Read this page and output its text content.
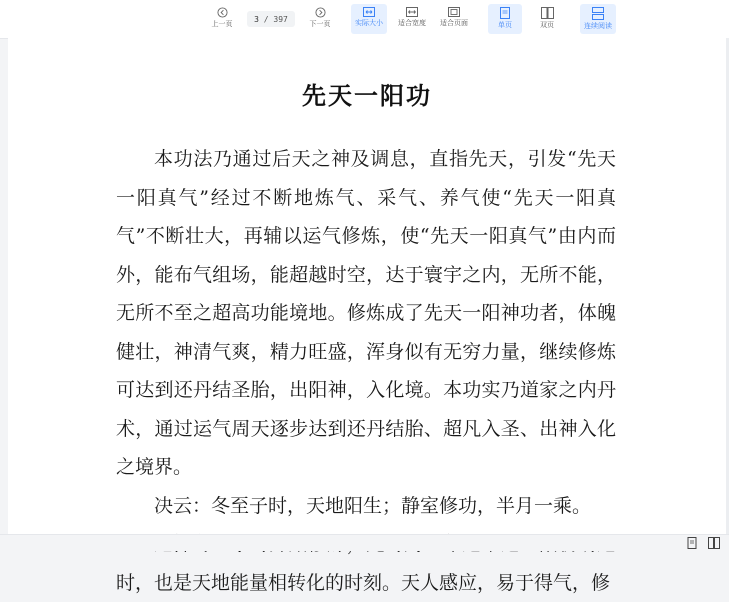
上一页
3
/
397
下一页	实际大小 适合宽度 适合页面	单页	双页	连续阅读
先天一阳功

本功法乃通过后天之神及调息，直指先天，引发“先天一阳真气”经过不断地炼气、采气、养气使“先天一阳真气”不断壮大，再辅以运气修炼，使“先天一阳真气”由内而外，能布气组场，能超越时空，达于寰宇之内，无所不能，无所不至之超高功能境地。修炼成了先天一阳神功者，体魄健壮，神清气爽，精力旺盛，浑身似有无穷力量，继续修炼可达到还丹结圣胎，出阳神，入化境。本功实乃道家之内丹术，通过运气周天逐步达到还丹结胎、超凡入圣、出神入化之境界。

决云：冬至子时，天地阳生；静室修功，半月一乘。

时，也是天地能量相转化的时刻。天人感应，易于得气，修
